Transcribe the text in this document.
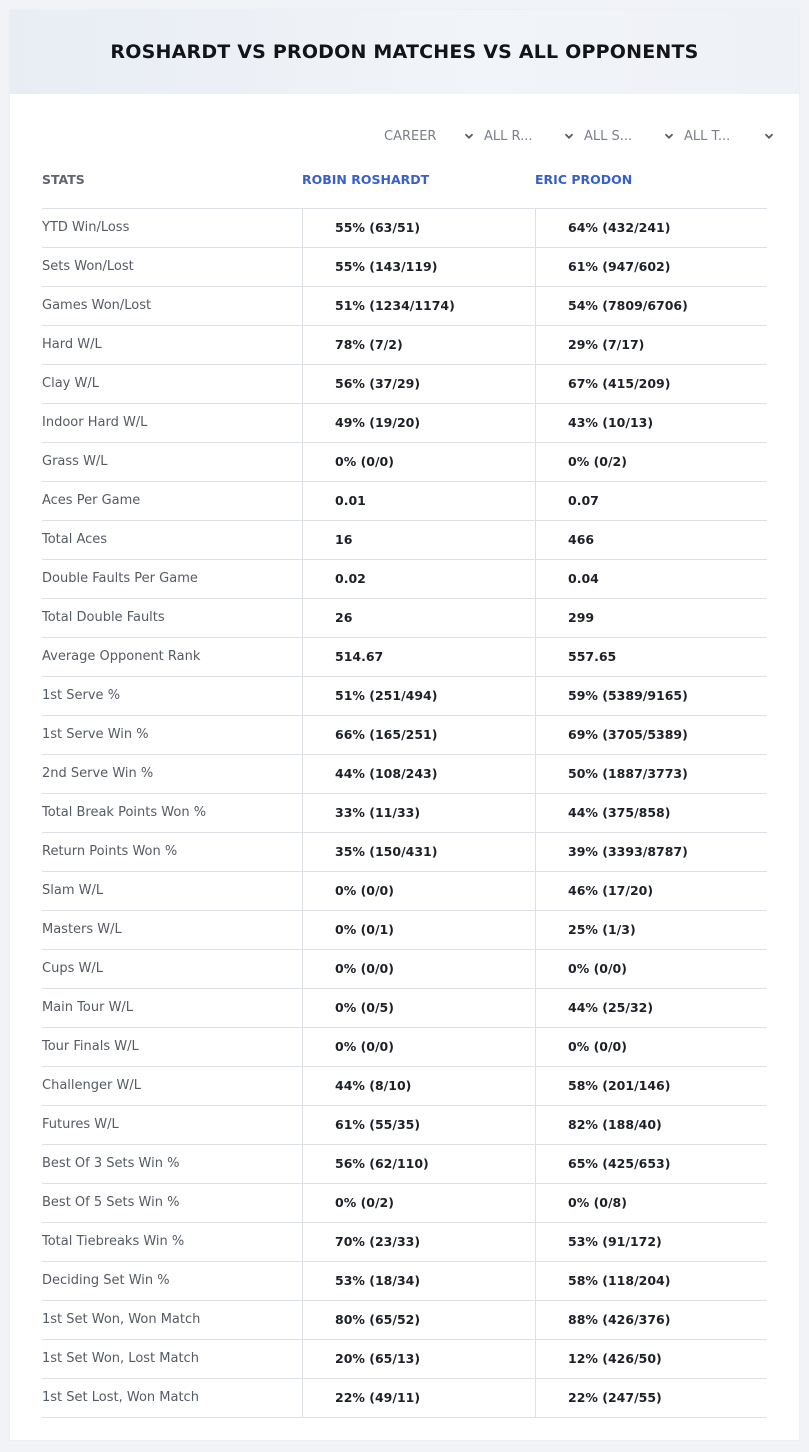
ROSHARDT VS PRODON MATCHES VS ALL OPPONENTS
CAREER	ALL R...	ALL S...	ALL T...
STATS	ROBIN ROSHARDT	ERIC PRODON
YTD Win/Loss	55% (63/51)	64% (432/241)
Sets Won/Lost	55% (143/119)	61% (947/602)
Games Won/Lost	51% (1234/1174)	54% (7809/6706)
Hard W/L	78% (7/2)	29% (7/17)
Clay W/L	56% (37/29)	67% (415/209)
Indoor Hard W/L	49% (19/20)	43% (10/13)
Grass W/L	0% (0/0)	0% (0/2)
Aces Per Game	0.01	0.07
Total Aces	16	466
Double Faults Per Game	0.02	0.04
Total Double Faults	26	299
Average Opponent Rank	514.67	557.65
1st Serve %	51% (251/494)	59% (5389/9165)
1st Serve Win %	66% (165/251)	69% (3705/5389)
2nd Serve Win %	44% (108/243)	50% (1887/3773)
Total Break Points Won %	33% (11/33)	44% (375/858)
Return Points Won %	35% (150/431)	39% (3393/8787)
Slam W/L	0% (0/0)	46% (17/20)
Masters W/L	0% (0/1)	25% (1/3)
Cups W/L	0% (0/0)	0% (0/0)
Main Tour W/L	0% (0/5)	44% (25/32)
Tour Finals W/L	0% (0/0)	0% (0/0)
Challenger W/L	44% (8/10)	58% (201/146)
Futures W/L	61% (55/35)	82% (188/40)
Best Of 3 Sets Win %	56% (62/110)	65% (425/653)
Best Of 5 Sets Win %	0% (0/2)	0% (0/8)
Total Tiebreaks Win %	70% (23/33)	53% (91/172)
Deciding Set Win %	53% (18/34)	58% (118/204)
1st Set Won, Won Match	80% (65/52)	88% (426/376)
1st Set Won, Lost Match	20% (65/13)	12% (426/50)
1st Set Lost, Won Match	22% (49/11)	22% (247/55)
